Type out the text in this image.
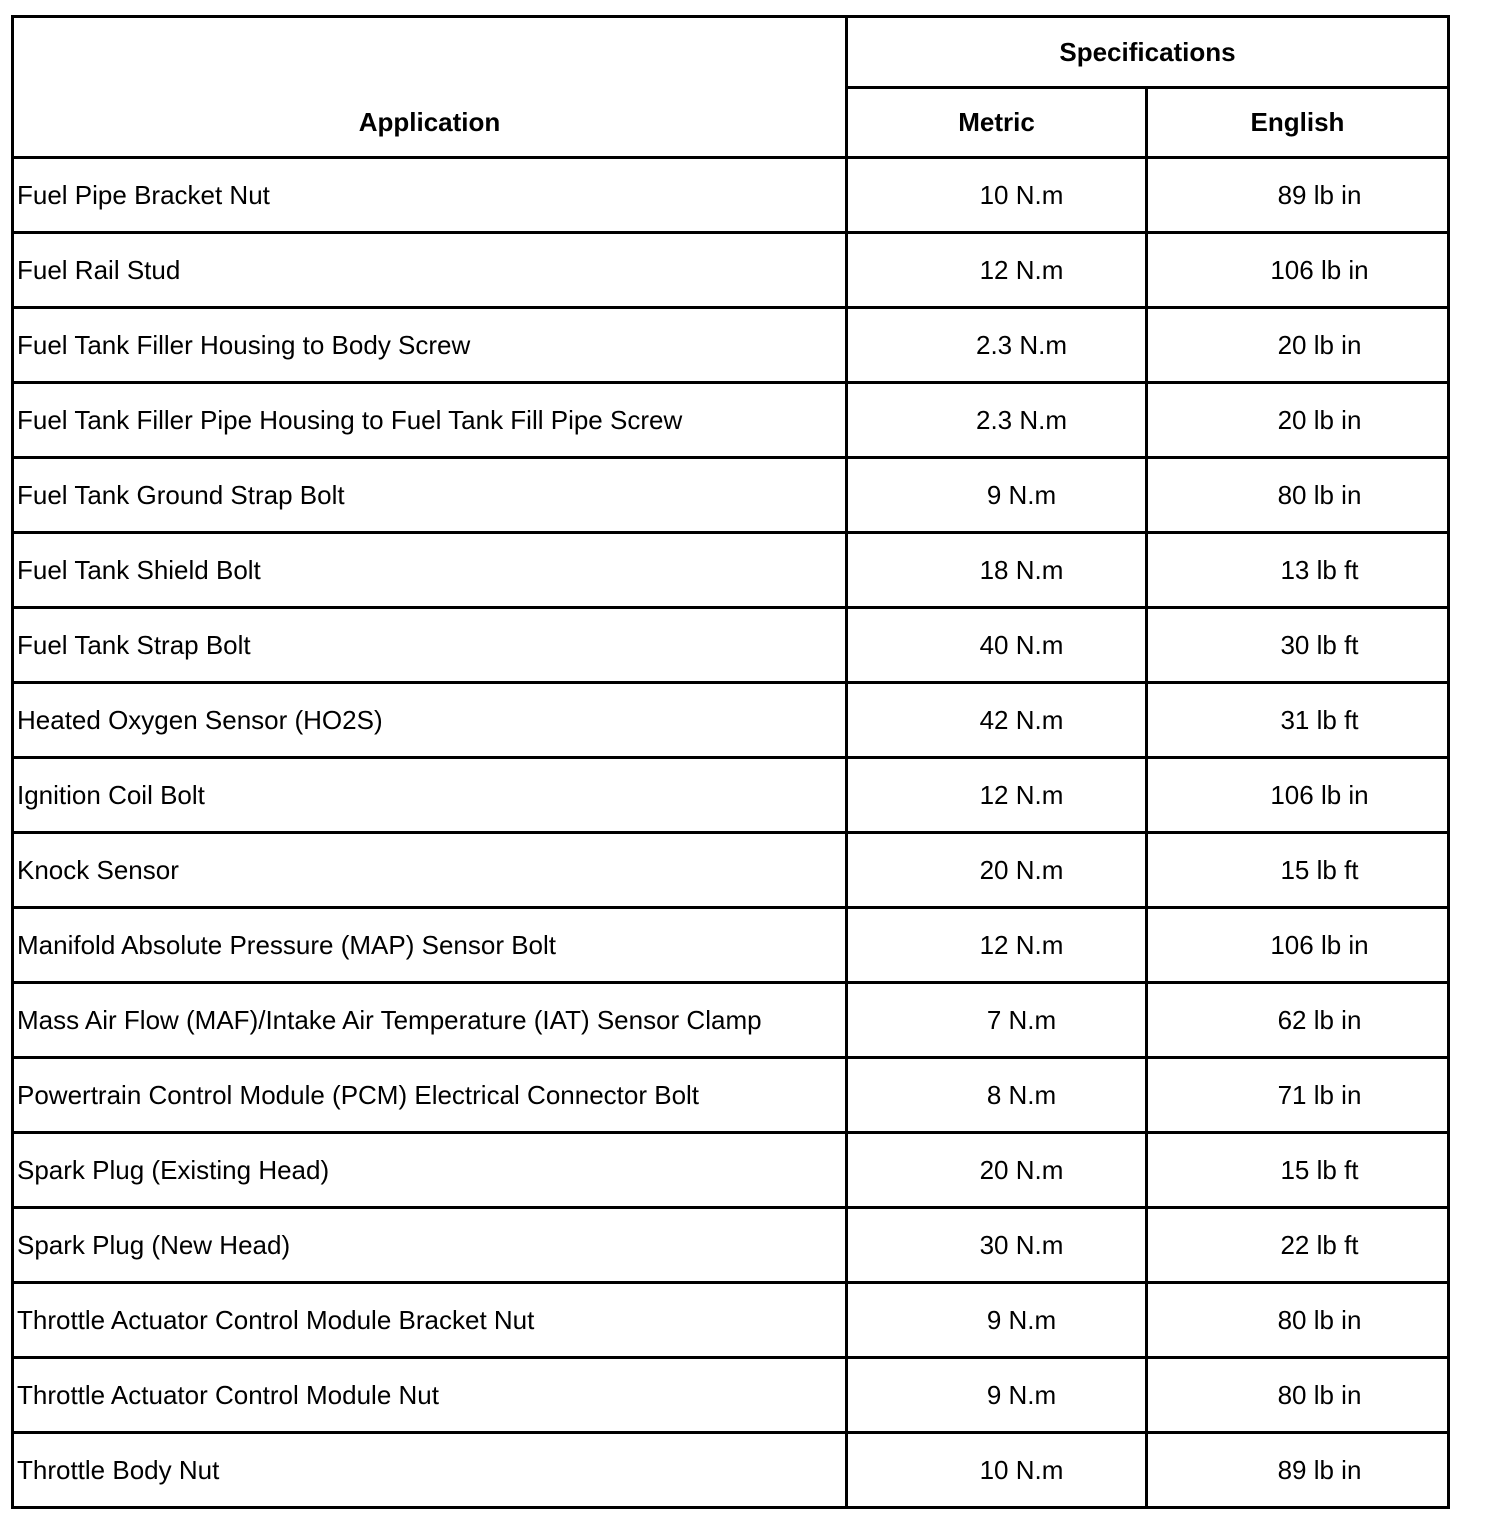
Application	Specifications	
	Metric	English
Fuel Pipe Bracket Nut	10 N.m	89 lb in
Fuel Rail Stud	12 N.m	106 lb in
Fuel Tank Filler Housing to Body Screw	2.3 N.m	20 lb in
Fuel Tank Filler Pipe Housing to Fuel Tank Fill Pipe Screw	2.3 N.m	20 lb in
Fuel Tank Ground Strap Bolt	9 N.m	80 lb in
Fuel Tank Shield Bolt	18 N.m	13 lb ft
Fuel Tank Strap Bolt	40 N.m	30 lb ft
Heated Oxygen Sensor (HO2S)	42 N.m	31 lb ft
Ignition Coil Bolt	12 N.m	106 lb in
Knock Sensor	20 N.m	15 lb ft
Manifold Absolute Pressure (MAP) Sensor Bolt	12 N.m	106 lb in
Mass Air Flow (MAF)/Intake Air Temperature (IAT) Sensor Clamp	7 N.m	62 lb in
Powertrain Control Module (PCM) Electrical Connector Bolt	8 N.m	71 lb in
Spark Plug (Existing Head)	20 N.m	15 lb ft
Spark Plug (New Head)	30 N.m	22 lb ft
Throttle Actuator Control Module Bracket Nut	9 N.m	80 lb in
Throttle Actuator Control Module Nut	9 N.m	80 lb in
Throttle Body Nut	10 N.m	89 lb in
